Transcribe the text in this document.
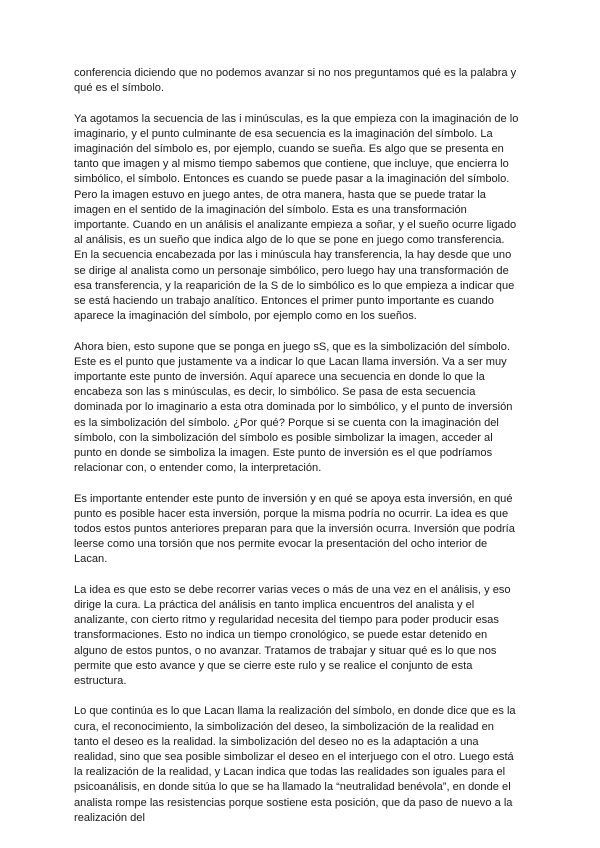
conferencia diciendo que no podemos avanzar si no nos preguntamos qué es la palabra y qué es el símbolo.

Ya agotamos la secuencia de las i minúsculas, es la que empieza con la imaginación de lo imaginario, y el punto culminante de esa secuencia es la imaginación del símbolo. La imaginación del símbolo es, por ejemplo, cuando se sueña. Es algo que se presenta en tanto que imagen y al mismo tiempo sabemos que contiene, que incluye, que encierra lo simbólico, el símbolo. Entonces es cuando se puede pasar a la imaginación del símbolo. Pero la imagen estuvo en juego antes, de otra manera, hasta que se puede tratar la imagen en el sentido de la imaginación del símbolo. Esta es una transformación importante. Cuando en un análisis el analizante empieza a soñar, y el sueño ocurre ligado al análisis, es un sueño que indica algo de lo que se pone en juego como transferencia. En la secuencia encabezada por las i minúscula hay transferencia, la hay desde que uno se dirige al analista como un personaje simbólico, pero luego hay una transformación de esa transferencia, y la reaparición de la S de lo simbólico es lo que empieza a indicar que se está haciendo un trabajo analítico. Entonces el primer punto importante es cuando aparece la imaginación del símbolo, por ejemplo como en los sueños.

Ahora bien, esto supone que se ponga en juego sS, que es la simbolización del símbolo. Este es el punto que justamente va a indicar lo que Lacan llama inversión. Va a ser muy importante este punto de inversión. Aquí aparece una secuencia en donde lo que la encabeza son las s minúsculas, es decir, lo simbólico. Se pasa de esta secuencia dominada por lo imaginario a esta otra dominada por lo simbólico, y el punto de inversión es la simbolización del símbolo. ¿Por qué? Porque si se cuenta con la imaginación del símbolo, con la simbolización del símbolo es posible simbolizar la imagen, acceder al punto en donde se simboliza la imagen. Este punto de inversión es el que podríamos relacionar con, o entender como, la interpretación.

Es importante entender este punto de inversión y en qué se apoya esta inversión, en qué punto es posible hacer esta inversión, porque la misma podría no ocurrir. La idea es que todos estos puntos anteriores preparan para que la inversión ocurra. Inversión que podría leerse como una torsión que nos permite evocar la presentación del ocho interior de Lacan.

La idea es que esto se debe recorrer varias veces o más de una vez en el análisis, y eso dirige la cura. La práctica del análisis en tanto implica encuentros del analista y el analizante, con cierto ritmo y regularidad necesita del tiempo para poder producir esas transformaciones. Esto no indica un tiempo cronológico, se puede estar detenido en alguno de estos puntos, o no avanzar. Tratamos de trabajar y situar qué es lo que nos permite que esto avance y que se cierre este rulo y se realice el conjunto de esta estructura.

Lo que continúa es lo que Lacan llama la realización del símbolo, en donde dice que es la cura, el reconocimiento, la simbolización del deseo, la simbolización de la realidad en tanto el deseo es la realidad. la simbolización del deseo no es la adaptación a una realidad, sino que sea posible simbolizar el deseo en el interjuego con el otro. Luego está la realización de la realidad, y Lacan indica que todas las realidades son iguales para el psicoanálisis, en donde sitúa lo que se ha llamado la “neutralidad benévola”, en donde el analista rompe las resistencias porque sostiene esta posición, que da paso de nuevo a la realización del
